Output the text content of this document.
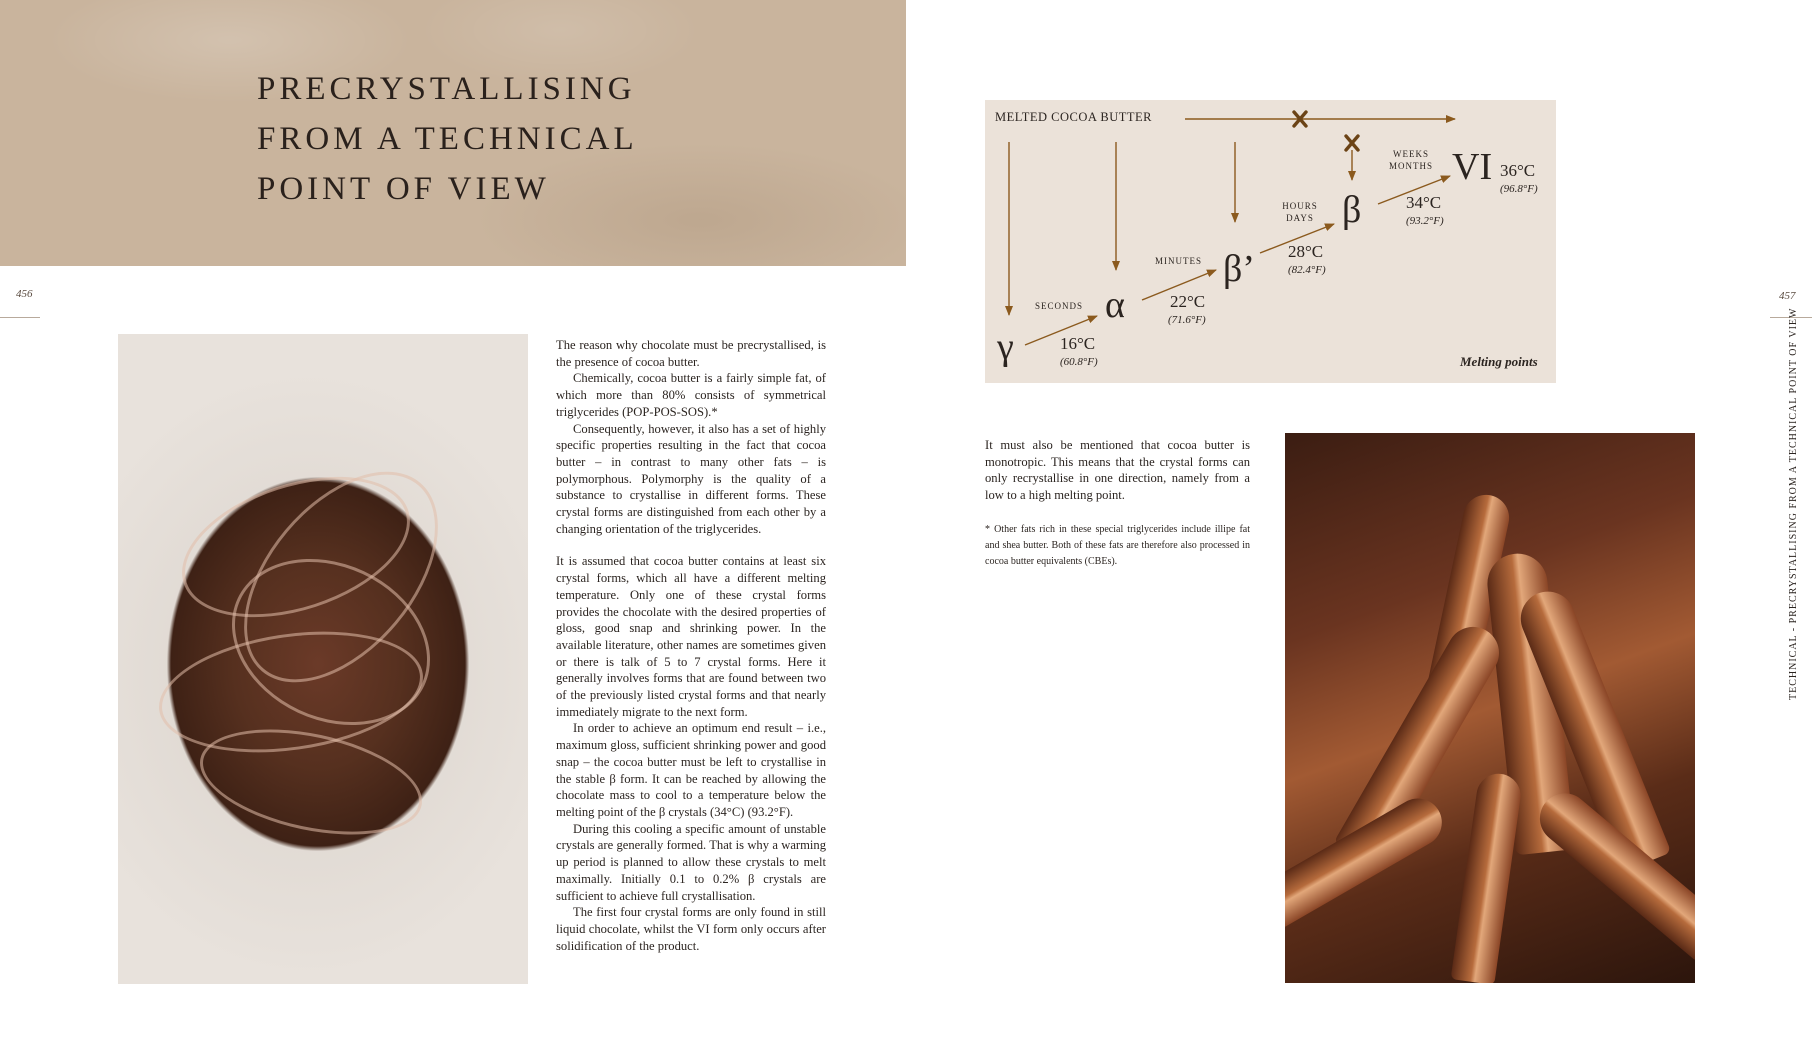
PRECRYSTALLISING
FROM A TECHNICAL
POINT OF VIEW
456	457

The reason why chocolate must be precrystallised, is the presence of cocoa butter.

Chemically, cocoa butter is a fairly simple fat, of which more than 80% consists of symmetrical triglycerides (POP-POS-SOS).*

Consequently, however, it also has a set of highly specific properties resulting in the fact that cocoa butter – in contrast to many other fats – is polymorphous. Polymorphy is the quality of a substance to crystallise in different forms. These crystal forms are distinguished from each other by a changing orientation of the triglycerides.

It is assumed that cocoa butter contains at least six crystal forms, which all have a different melting temperature. Only one of these crystal forms provides the chocolate with the desired properties of gloss, good snap and shrinking power. In the available literature, other names are sometimes given or there is talk of 5 to 7 crystal forms. Here it generally involves forms that are found between two of the previously listed crystal forms and that nearly immediately migrate to the next form.

In order to achieve an optimum end result – i.e., maximum gloss, sufficient shrinking power and good snap – the cocoa butter must be left to crystallise in the stable β form. It can be reached by allowing the chocolate mass to cool to a temperature below the melting point of the β crystals (34°C) (93.2°F).

During this cooling a specific amount of unstable crystals are generally formed. That is why a warming up period is planned to allow these crystals to melt maximally. Initially 0.1 to 0.2% β crystals are sufficient to achieve full crystallisation.

The first four crystal forms are only found in still liquid chocolate, whilst the VI form only occurs after solidification of the product.

MELTED COCOA BUTTER
γ	16°C
(60.8°F)
α	22°C
(71.6°F)
β’ 28°C
(82.4°F)
β	34°C
(93.2°F)
VI 36°C
(96.8°F)
SECONDS
MINUTES
HOURS
DAYS
WEEKS
MONTHS
Melting points

It must also be mentioned that cocoa butter is monotropic. This means that the crystal forms can only recrystallise in one direction, namely from a low to a high melting point.

* Other fats rich in these special triglycerides include illipe fat and shea butter. Both of these fats are therefore also processed in cocoa butter equivalents (CBEs).	TECHNICAL - PRECRYSTALLISING FROM A TECHNICAL POINT OF VIEW
